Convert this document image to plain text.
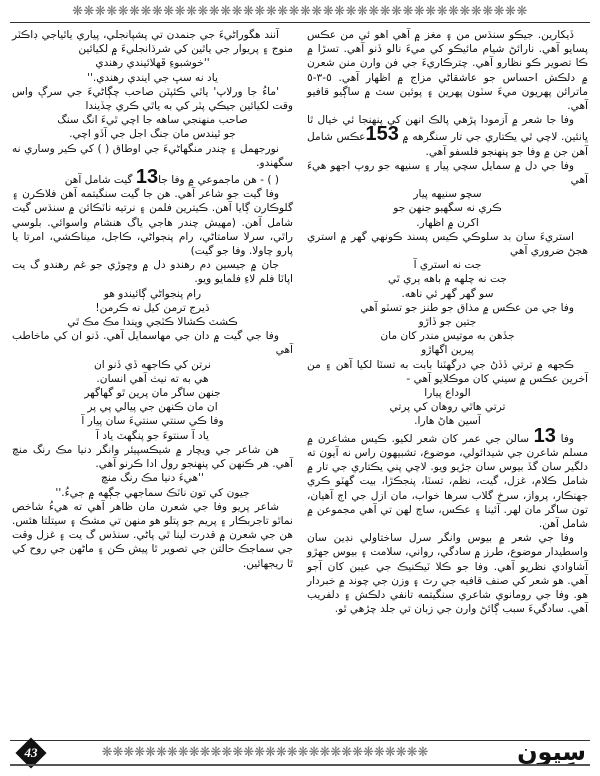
❋❋❋❋❋❋❋❋❋❋❋❋❋❋❋❋❋❋❋❋❋❋❋❋❋❋❋❋❋❋❋❋❋❋❋❋❋❋❋❋

ڏيکارين. جيڪو سنڌس من ۽ مغز ۾ آهي اهو ئي من عڪس پسايو آهي. نارائڻ شيام مائيڪو کي ميءَ نالو ڏنو آهي. تسڙا ۾ ڪا تصوير ڪو نظارو آهي. چترڪاريءَ جي فن وارن منن شعرن ۾ دلڪش احساس جو عاشقاڻي مزاج ۾ اظهار آهي. ٥-٣-٥ ماترائن پهريون ميءَ سٽون پهرين ۽ پوئين سٽ ۾ ساڳيو قافيو آهي.

وفا جا شعر ۾ آزمودا پڙهي پالڪ انهن کي پنهنجا ئي خيال ٿا ڀانئين. لاچي ٿي يڪتاري جي تار سنگرهه ۾ 153عڪس شامل آهن جن ۾ وفا جو پنهنجو فلسفو آهي.

وفا جي دل ۾ سمايل سچي پيار ۽ سنيهه جو روپ اجهو هيءَ آهي

سچو سنيهه پيار

ڪري نه سگهبو جنهن جو

اکرن ۾ اظهار.

استريءَ سان بد سلوڪي ڪيس پسند ڪونهي گهر ۾ استري هجڻ ضروري آهي

جت نه استري آ

جت نه چلهه ۾ باهه ٻري ٿي

سو گهر گهر ئي ناهه.

وفا جي من عڪس ۾ مذاق جو طنز جو تسٽو آهي

جتين جو ڏاڙو

جڏهن به موتيس مندر کان مان

پيرين اگهاڙو

ڪجهه ۾ ترتي ڏڏڻ جي درگهٽنا بابت به تسٽا لکيا آهن ۽ من آخرين عڪس ۾ سيني کان موڪلايو آهي -

الوداع پيارا

ترتي هاٿي روهان کي پرتي

آسين هاڻ هارا.

وفا 13 سالن جي عمر کان شعر لکيو. ڪيس مشاعرن ۾ مسلم شاعرن جي شيدائولي، موضوع، تشبيهون راس نه آيون ته دلگير سان گڏ بيوس سان جڙيو ويو. لاچي پني يڪتاري جي تار ۾ شامل ڪلام، غزل، گيت، نظم، تسٽا، پنجڪڙا، بيت گهٽو ڪري جهنڪار، پرواز، سرخ گلاب سرها خواب، مان ازل جي اڄ آهيان، تون ساگر مان لهر. آئينا ۽ عڪس، ساڄ لهن تي آهي مجموعن ۾ شامل آهن.

وفا جي شعر ۾ بيوس وانگر سرل ساختاولي نڊين سان واسطيدار موضوع، طرز ۾ سادگي، رواني، سلامت ۽ بيوس جهڙو آشاوادي نظريو آهي. وفا جو ڪلا ٽيڪنيڪ جي عيبن کان آجو آهي. هو شعر کي صنف قافيه جي رٽ ۽ وزن جي چوند ۾ خبردار هو. وفا جي رومانوي شاعري سنگيتمه تانفي دلڪش ۽ دلفريب آهي. سادگيءَ سبب ڳائڻ وارن جي زبان تي جلد چڙهي ٿو.

آنند هگوراڻيءَ جي جنمدن تي پشپانجلي، پياري ياٿياجي ڊاڪٽر منوج ۽ پريوار جي ياٿين کي شرڌانجليءَ ۾ لکيائين

''خوشبوءِ ڦهلائيندي رهندي

ياد نه سڀ جي ايندي رهندي.''

'ماءُ جا ورلاپ' ياٿي ڪئپٽن صاحب چڳاڻيءَ جي سرڳ واس وقت لکيائين جيڪي پٽر کي به ياٿي ڪري چڏيندا

صاحب منهنجي ساهه جا اچي ٿيءَ انگ سنگ

جو ٿيندس مان جنگ اجل جي آڏو اچي.

نورجهمل ۽ چندر منگهاڻيءَ جي اوطاق ( ) کي ڪير وساري نه سگهندو.

( ) - هن ماجموعي ۾ وفا جا13 گيت شامل آهن

وفا گيت جو شاعر آهي. هن جا گيت سنگيتمه آهن فلاڪرن ۽ گلوڪارن ڳايا آهن. ڪيترين فلمن ۽ نرتيه ناٽڪائن ۾ سنڌس گيت شامل آهن. (مهيش چندر هاجي ياگ هنشام واسوائي. بلوسي راٿي، سرلا سامتاڻي، رام پنجواڻي، ڪاجل، ميناڪشي، امرتا يا پارو چاولا. وفا جو گيت)

جان ۾ جيسين دم رهندو دل ۾ وڇوڙي جو غم رهندو گ يت اپاٽا فلم لاءِ فلمايو ويو.

رام پنجواڻي ڳائيندو هو

ڌيرج ترمن کيل نه ڪرمن!

ڪشٽ ڪشالا ڪٽجي ويندا مڪ مڪ ٿي

وفا جي گيت ۾ دان جي مهاسمايل آهي. ڏنو ان کي ماخاطب آهي

نرتن کي ڪاجهه ڏي ڏنو ان

هي به ته نيث آهي انسان.

جنهن ساگر مان پرين ٿو گهاگهر

ان مان ڪنهن جي پيالي پي پر

وفا ڪي سنتي سنتيءَ سان پيار آ

ياد آ سنتوءَ جو پنگهٽ ياد آ

هن شاعر جي ويچار ۾ شيڪسپيئر وانگر دنيا مڪ رنگ منچ آهي. هر ڪنهن کي پنهنجو رول ادا ڪرنو آهي.

''هيءَ دنيا مڪ رنگ منچ

جيون کي تون ناٽڪ سماجهي جڳهه ۾ جيءُ.''

شاعر پريو وفا جي شعرن مان ظاهر آهي ته هيءُ شاخص نماٿو تاجربڪار ۽ پريم جو پتلو هو منهن تي مشڪ ۽ سيتلتا هئس. هن جي شعرن ۾ قدرت لينا ٿي پاڻي. سنڌس گ يت ۽ غزل وقت جي سماجڪ حالتن جي تصوير ٿا پيش ڪن ۽ ماڻهن جي روح کي ٿا ريجهائين.

43	❋❋❋❋❋❋❋❋❋❋❋❋❋❋❋❋❋❋❋❋❋❋❋❋❋❋❋❋❋❋	سِپون
